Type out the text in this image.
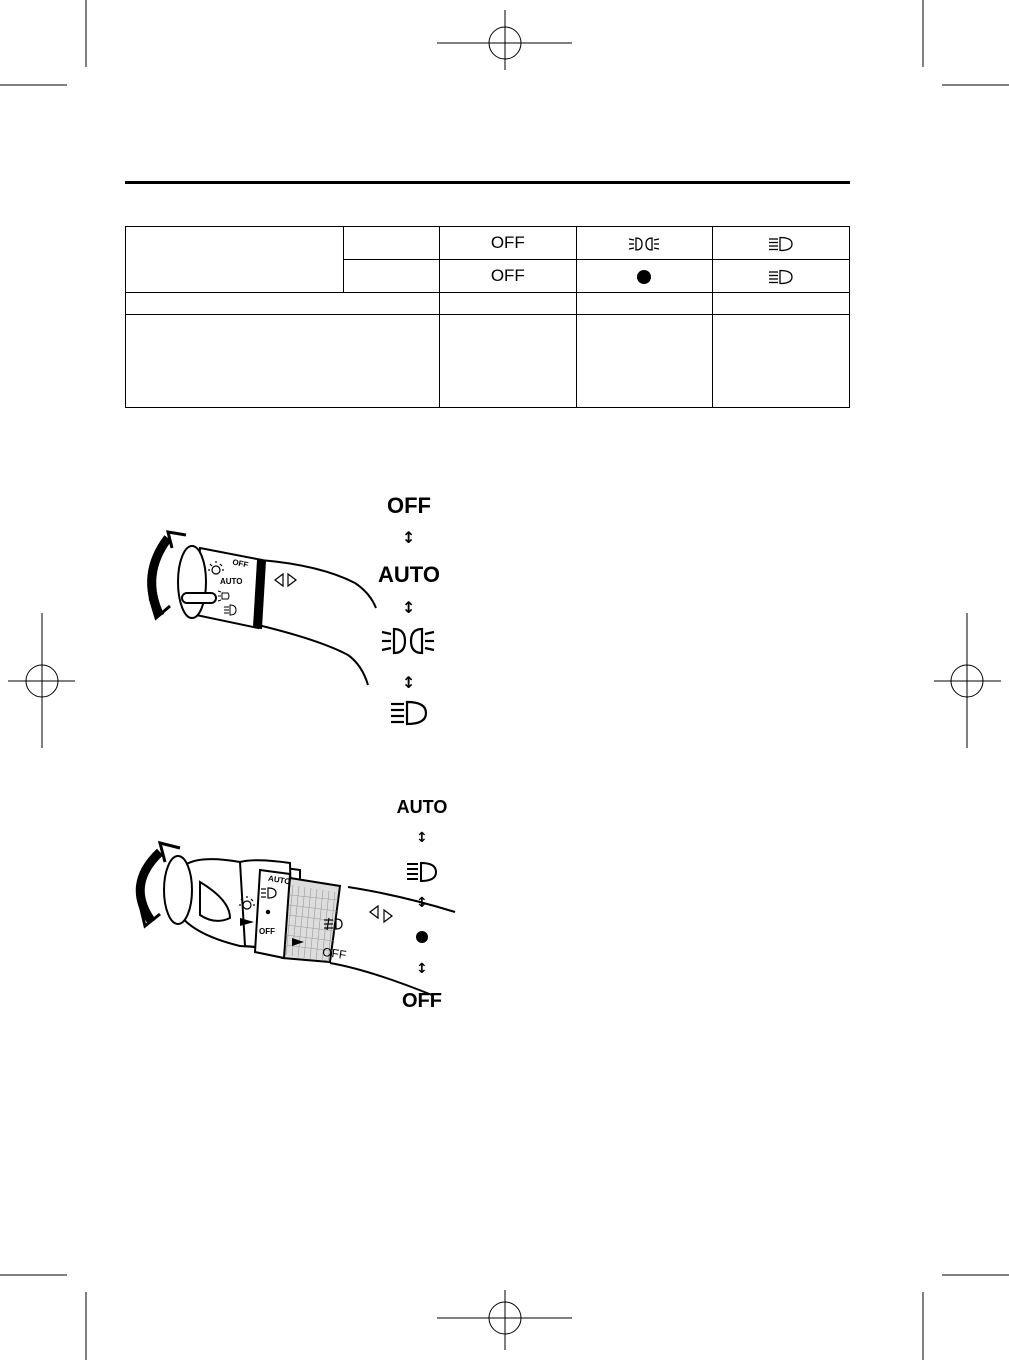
		OFF		
		OFF		

OFF
AUTO
OFF
↕
AUTO
↕
↕
AUTO
OFF
OFF
AUTO
↕
↕
↕
OFF
